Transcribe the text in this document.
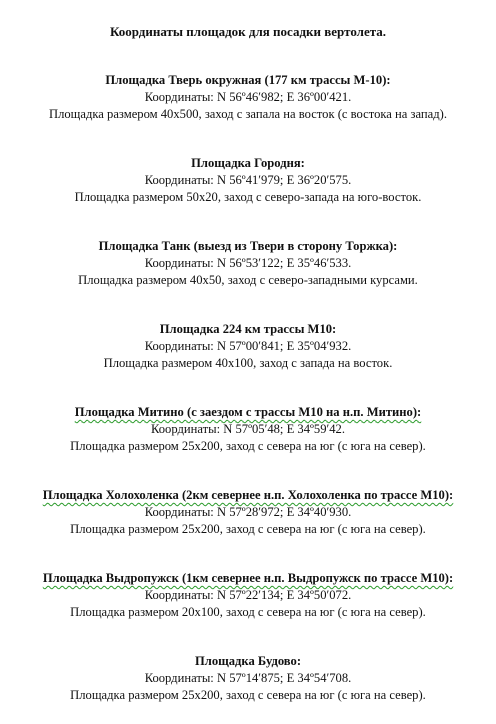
Координаты площадок для посадки вертолета.
Площадка Тверь окружная (177 км трассы М-10):
Координаты: N 56º46′982; E 36º00′421.
Площадка размером 40x500, заход с запала на восток (с востока на запад).
Площадка Городня:
Координаты: N 56º41′979; E 36º20′575.
Площадка размером 50x20, заход с северо-запада на юго-восток.
Площадка Танк (выезд из Твери в сторону Торжка):
Координаты: N 56º53′122; E 35º46′533.
Площадка размером 40x50, заход с северо-западными курсами.
Площадка 224 км трассы М10:
Координаты: N 57º00′841; E 35º04′932.
Площадка размером 40x100, заход с запада на восток.
Площадка Митино (с заездом с трассы М10 на н.п. Митино):
Координаты: N 57º05′48; E 34º59′42.
Площадка размером 25x200, заход с севера на юг (с юга на север).
Площадка Холохоленка (2км севернее н.п. Холохоленка по трассе М10):
Координаты: N 57º28′972; E 34º40′930.
Площадка размером 25x200, заход с севера на юг (с юга на север).
Площадка Выдропужск (1км севернее н.п. Выдропужск по трассе М10):
Координаты: N 57º22′134; E 34º50′072.
Площадка размером 20x100, заход с севера на юг (с юга на север).
Площадка Будово:
Координаты: N 57º14′875; E 34º54′708.
Площадка размером 25x200, заход с севера на юг (с юга на север).
